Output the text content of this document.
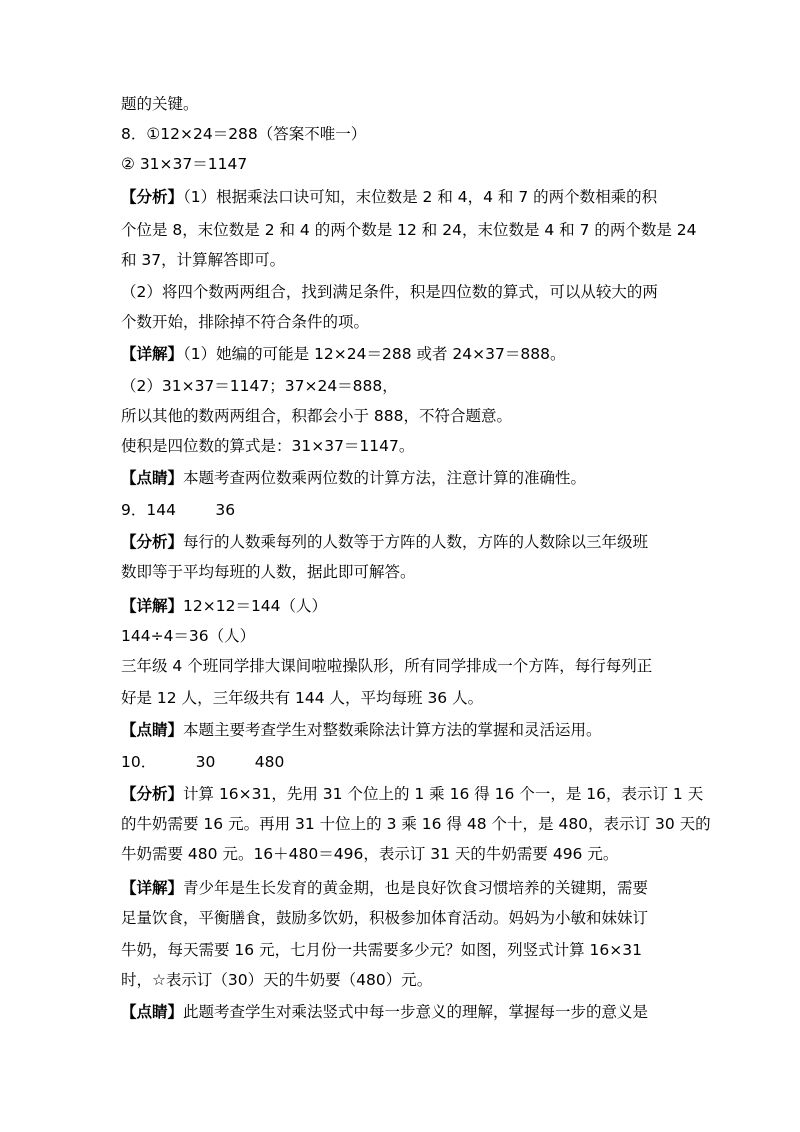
题的关键。
8．①12×24＝288（答案不唯一）
② 31×37＝1147
【分析】（1）根据乘法口诀可知，末位数是 2 和 4，4 和 7 的两个数相乘的积
个位是 8，末位数是 2 和 4 的两个数是 12 和 24，末位数是 4 和 7 的两个数是 24
和 37，计算解答即可。
（2）将四个数两两组合，找到满足条件，积是四位数的算式，可以从较大的两
个数开始，排除掉不符合条件的项。
【详解】（1）她编的可能是 12×24＝288 或者 24×37＝888。
（2）31×37＝1147；37×24＝888，
所以其他的数两两组合，积都会小于 888，不符合题意。
使积是四位数的算式是：31×37＝1147。
【点睛】本题考查两位数乘两位数的计算方法，注意计算的准确性。
9．144        36
【分析】每行的人数乘每列的人数等于方阵的人数，方阵的人数除以三年级班
数即等于平均每班的人数，据此即可解答。
【详解】12×12＝144（人）
144÷4＝36（人）
三年级 4 个班同学排大课间啦啦操队形，所有同学排成一个方阵，每行每列正
好是 12 人，三年级共有 144 人，平均每班 36 人。
【点睛】本题主要考查学生对整数乘除法计算方法的掌握和灵活运用。
10．        30        480
【分析】计算 16×31，先用 31 个位上的 1 乘 16 得 16 个一，是 16，表示订 1 天
的牛奶需要 16 元。再用 31 十位上的 3 乘 16 得 48 个十，是 480，表示订 30 天的
牛奶需要 480 元。16＋480＝496，表示订 31 天的牛奶需要 496 元。
【详解】青少年是生长发育的黄金期，也是良好饮食习惯培养的关键期，需要
足量饮食，平衡膳食，鼓励多饮奶，积极参加体育活动。妈妈为小敏和妹妹订
牛奶，每天需要 16 元，七月份一共需要多少元？如图，列竖式计算 16×31
时，☆表示订（30）天的牛奶要（480）元。
【点睛】此题考查学生对乘法竖式中每一步意义的理解，掌握每一步的意义是
